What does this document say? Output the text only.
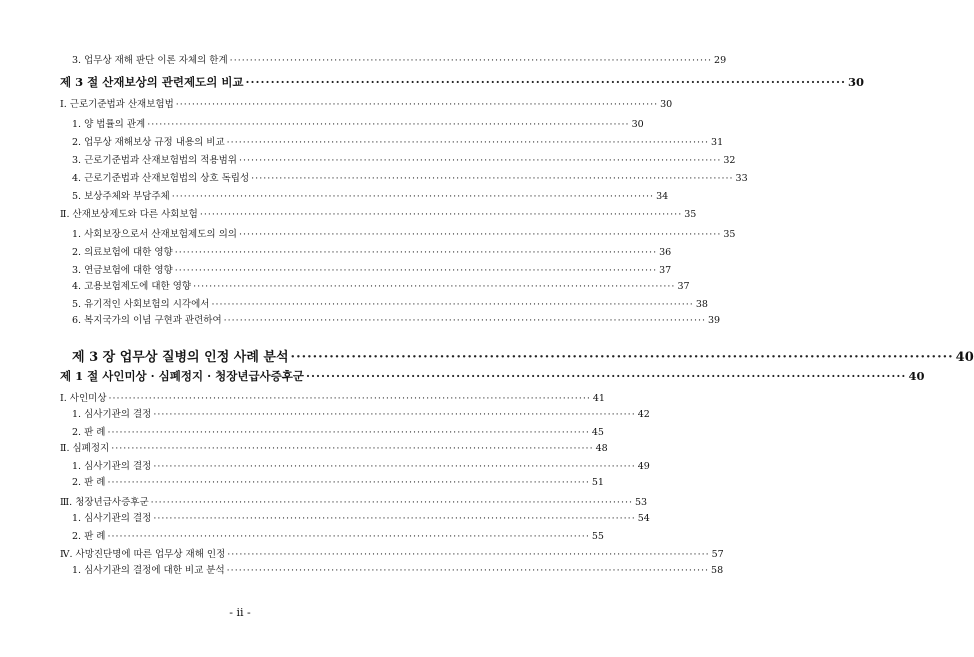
3. 업무상 재해 판단 이론 자체의 한계 ························································································································ 29
제 3 절 산재보상의 관련제도의 비교 ························································································································ 30
Ⅰ. 근로기준법과 산재보험법 ························································································································ 30
1. 양 법률의 관계 ························································································································ 30
2. 업무상 재해보상 규정 내용의 비교 ························································································································ 31
3. 근로기준법과 산재보험법의 적용범위 ························································································································ 32
4. 근로기준법과 산재보험법의 상호 독립성 ························································································································ 33
5. 보상주체와 부담주체 ························································································································ 34
Ⅱ. 산재보상제도와 다른 사회보험 ························································································································ 35
1. 사회보장으로서 산재보험제도의 의의 ························································································································ 35
2. 의료보험에 대한 영향 ························································································································ 36
3. 연금보험에 대한 영향 ························································································································ 37
4. 고용보험제도에 대한 영향 ························································································································ 37
5. 유기적인 사회보험의 시각에서 ························································································································ 38
6. 복지국가의 이념 구현과 관련하여 ························································································································ 39
제 3 장 업무상 질병의 인정 사례 분석 ························································································································ 40
제 1 절 사인미상 · 심폐정지 · 청장년급사증후군 ························································································································ 40
Ⅰ. 사인미상 ························································································································ 41
1. 심사기관의 결정 ························································································································ 42
2. 판 례 ························································································································ 45
Ⅱ. 심폐정지 ························································································································ 48
1. 심사기관의 결정 ························································································································ 49
2. 판 례 ························································································································ 51
Ⅲ. 청장년급사증후군 ························································································································ 53
1. 심사기관의 결정 ························································································································ 54
2. 판 례 ························································································································ 55
Ⅳ. 사망진단명에 따른 업무상 재해 인정 ························································································································ 57
1. 심사기관의 결정에 대한 비교 분석 ························································································································ 58
- ii -
